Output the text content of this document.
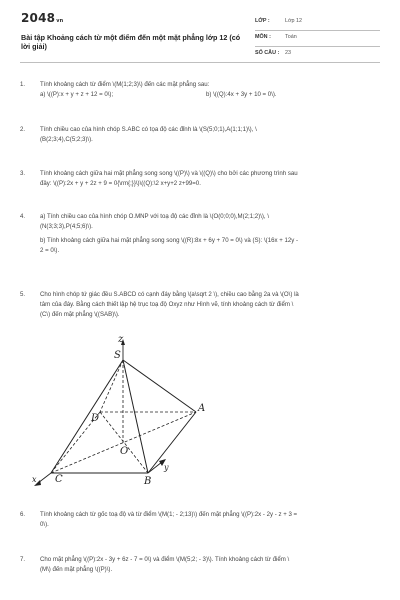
2048vn
Bài tập Khoảng cách từ một điểm đến một mặt phẳng lớp 12 (có lời giải)
LỚP :	Lớp 12
MÔN :	Toán
SỐ CÂU : 23
1.	Tính khoảng cách từ điểm \(M(1;2;3)\) đến các mặt phẳng sau:
a) \((P):x + y + z + 12 = 0\);	b) \((Q):4x + 3y + 10 = 0\).
2.	Tính chiều cao của hình chóp S.ABC có tọa độ các đỉnh là \(S(5;0;1),A(1;1;1)\), \
(B(2;3;4),C(5;2;3)\).
3.	Tính khoảng cách giữa hai mặt phẳng song song \((P)\) và \((Q)\) cho bởi các phương trình sau
đây: \((P):2x + y + 2z + 9 = 0{\rm{;}}\)\((Q):\2 x+y+2 z+99=0.
4.	a) Tính chiều cao của hình chóp O.MNP với toạ độ các đỉnh là \(O(0;0;0),M(2;1;2)\), \
(N(3;3;3),P(4;5;6)\).
b) Tính khoảng cách giữa hai mặt phẳng song song \((R):8x + 6y + 70 = 0\) và (S): \(16x + 12y -
2 = 0\).
5.	Cho hình chóp tứ giác đều S.ABCD có cạnh đáy bằng \(a\sqrt 2 \), chiều cao bằng 2a và \(O\) là
tâm của đáy. Bằng cách thiết lập hệ trục toạ độ Oxyz như Hình vẽ, tính khoảng cách từ điểm \
(C\) đến mặt phẳng \((SAB)\).
z
S
D
A
O
B
C
x
y
6.	Tính khoảng cách từ gốc toạ độ và từ điểm \(M(1; - 2;13)\) đến mặt phẳng \((P):2x - 2y - z + 3 =
0\).
7.	Cho mặt phẳng \((P):2x - 3y + 6z - 7 = 0\) và điểm \(M(5;2; - 3)\). Tính khoảng cách từ điểm \
(M\) đến mặt phẳng \((P)\).
